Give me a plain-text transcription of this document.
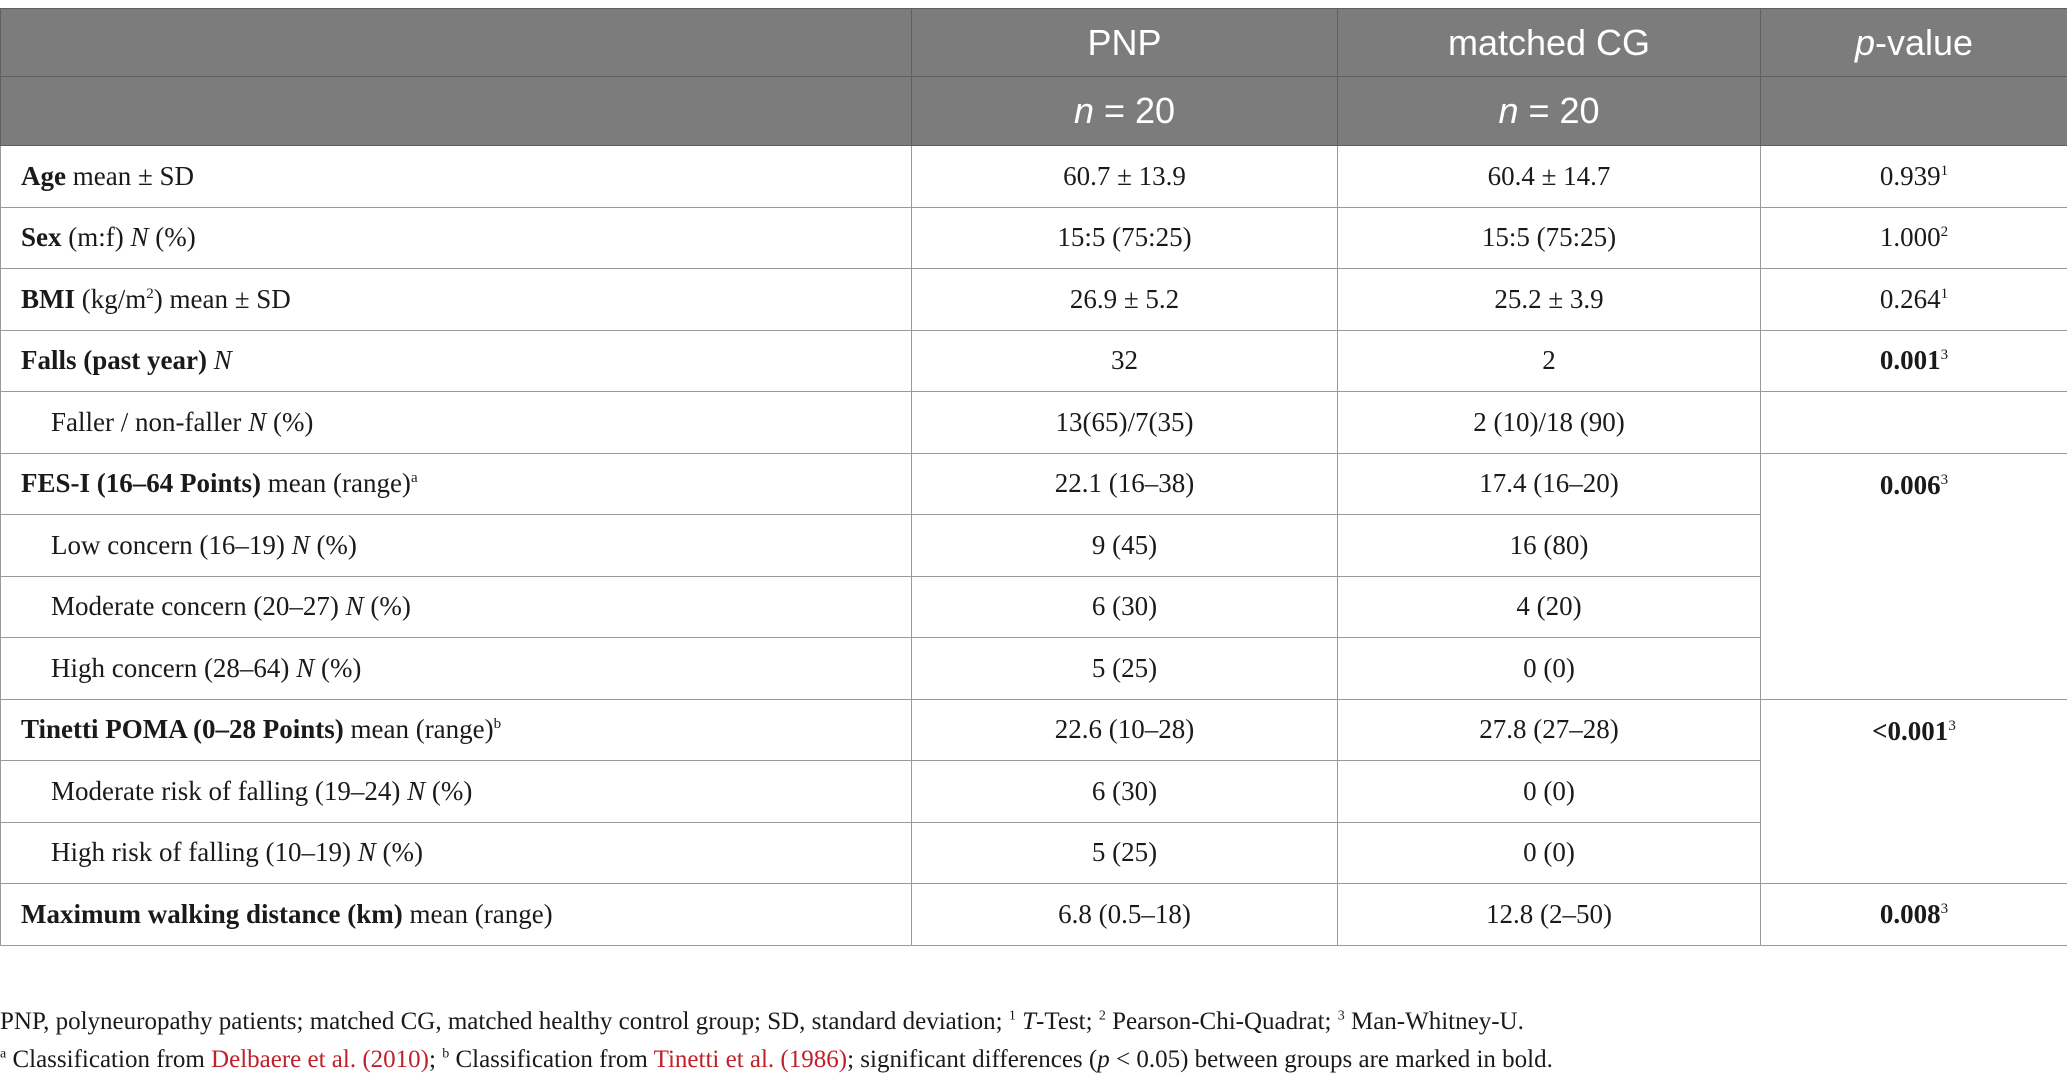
	PNP	matched CG	p-value
	n = 20	n = 20	
Age mean ± SD	60.7 ± 13.9	60.4 ± 14.7	0.939$^1$
Sex (m:f) N (%)	15:5 (75:25)	15:5 (75:25)	1.000$^2$
BMI $(kg/m^2)$ mean ± SD	26.9 ± 5.2	25.2 ± 3.9	0.264$^1$
Falls (past year) N	32	2	0.001$^3$
Faller / non-faller N (%)	13(65)/7(35)	2 (10)/18 (90)	
FES-I (16–64 Points) mean (range)$^a$	22.1 (16–38)	17.4 (16–20)	0.006$^3$
Low concern (16–19) N (%)	9 (45)	16 (80)	
Moderate concern (20–27) N (%)	6 (30)	4 (20)	
High concern (28–64) N (%)	5 (25)	0 (0)	
Tinetti POMA (0–28 Points) mean (range)$^b$	22.6 (10–28)	27.8 (27–28)	$<0.001^3$
Moderate risk of falling (19–24) N (%)	6 (30)	0 (0)	
High risk of falling (10–19) N (%)	5 (25)	0 (0)	
Maximum walking distance (km) mean (range)	6.8 (0.5–18)	12.8 (2–50)	0.008$^3$
PNP, polyneuropathy patients; matched CG, matched healthy control group; SD, standard deviation; $^1$ T-Test; $^2$ Pearson-Chi-Quadrat; $^3$ Man-Whitney-U.
$^a$ Classification from Delbaere et al. (2010); $^b$ Classification from Tinetti et al. (1986); significant differences (p < 0.05) between groups are marked in bold.
